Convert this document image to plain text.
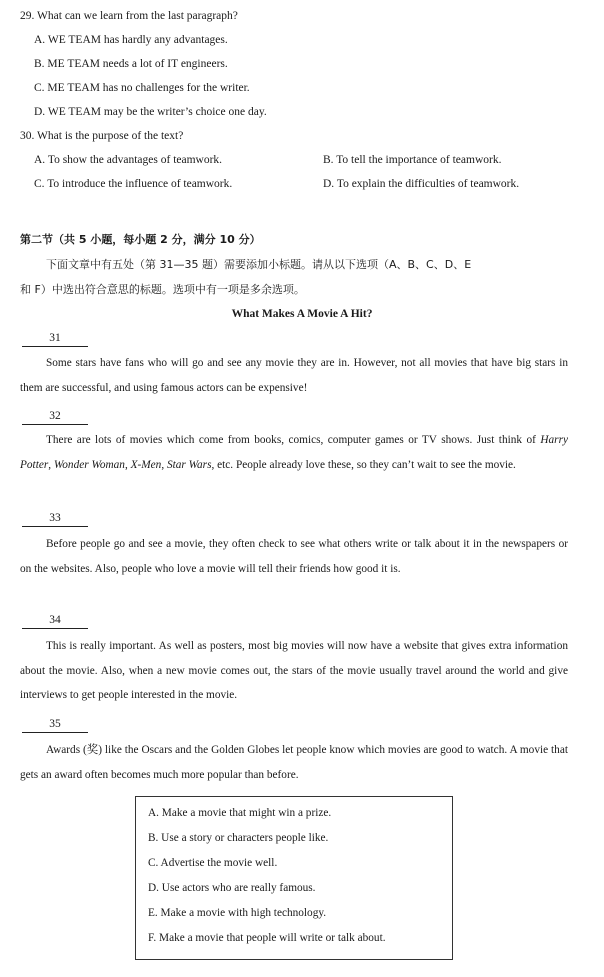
29. What can we learn from the last paragraph?
A. WE TEAM has hardly any advantages.
B. ME TEAM needs a lot of IT engineers.
C. ME TEAM has no challenges for the writer.
D. WE TEAM may be the writer’s choice one day.
30. What is the purpose of the text?
A. To show the advantages of teamwork.	B. To tell the importance of teamwork.
C. To introduce the influence of teamwork.	D. To explain the difficulties of teamwork.
第二节（共 5 小题，每小题 2 分，满分 10 分）
下面文章中有五处（第 31—35 题）需要添加小标题。请从以下选项（A、B、C、D、E
和 F）中选出符合意思的标题。选项中有一项是多余选项。
What Makes A Movie A Hit?
31
Some stars have fans who will go and see any movie they are in. However, not all movies that have big stars in them are successful, and using famous actors can be expensive!
32
There are lots of movies which come from books, comics, computer games or TV shows. Just think of Harry Potter, Wonder Woman, X-Men, Star Wars, etc. People already love these, so they can’t wait to see the movie.
33
Before people go and see a movie, they often check to see what others write or talk about it in the newspapers or on the websites. Also, people who love a movie will tell their friends how good it is.
34
This is really important. As well as posters, most big movies will now have a website that gives extra information about the movie. Also, when a new movie comes out, the stars of the movie usually travel around the world and give interviews to get people interested in the movie.
35
Awards (奖) like the Oscars and the Golden Globes let people know which movies are good to watch. A movie that gets an award often becomes much more popular than before.
A. Make a movie that might win a prize.
B. Use a story or characters people like.
C. Advertise the movie well.
D. Use actors who are really famous.
E. Make a movie with high technology.
F. Make a movie that people will write or talk about.
